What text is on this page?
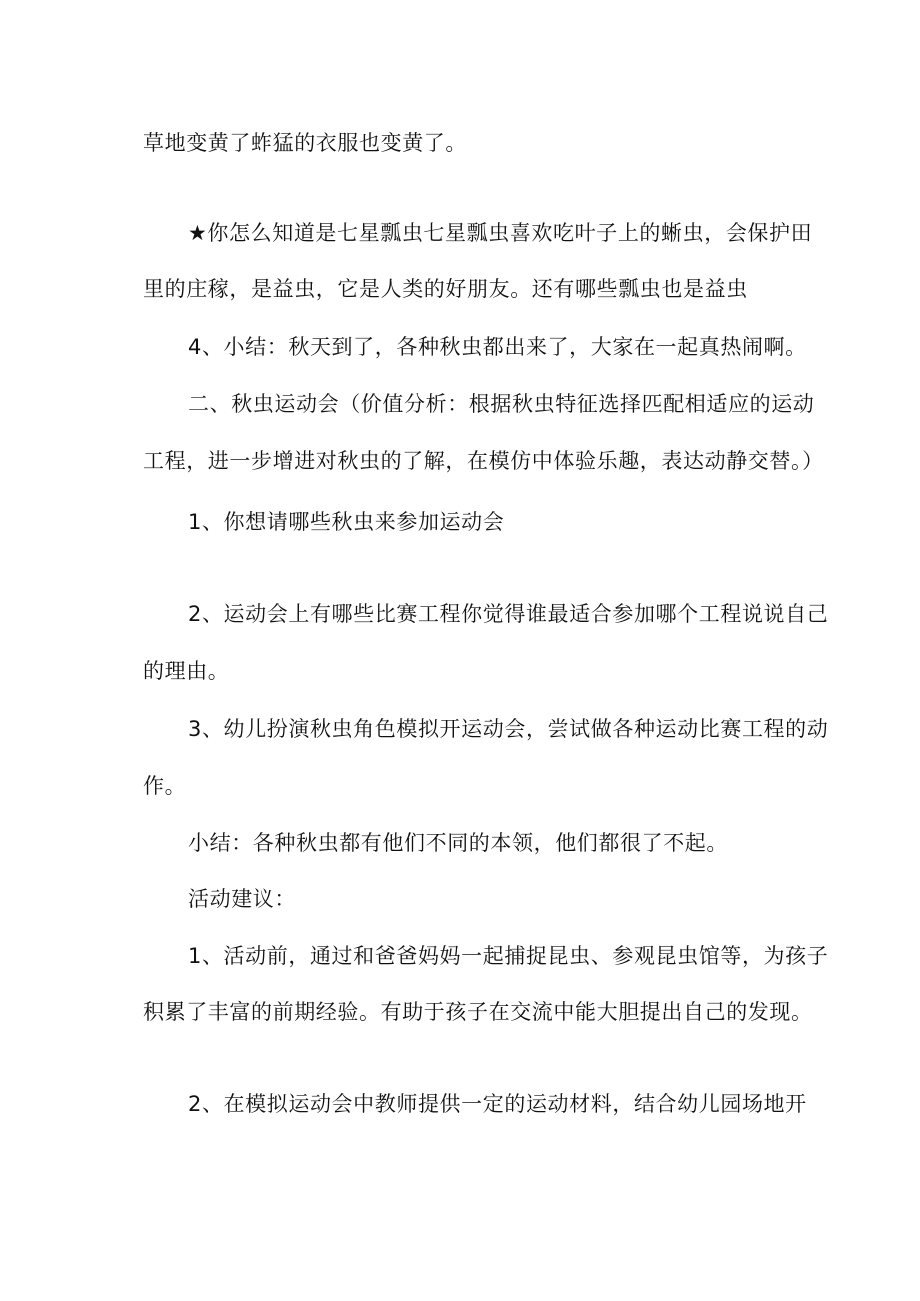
草地变黄了蚱猛的衣服也变黄了。
★你怎么知道是七星瓢虫七星瓢虫喜欢吃叶子上的蜥虫，会保护田
里的庄稼，是益虫，它是人类的好朋友。还有哪些瓢虫也是益虫
4、小结：秋天到了，各种秋虫都出来了，大家在一起真热闹啊。
二、秋虫运动会（价值分析：根据秋虫特征选择匹配相适应的运动
工程，进一步增进对秋虫的了解，在模仿中体验乐趣，表达动静交替。）
1、你想请哪些秋虫来参加运动会
2、运动会上有哪些比赛工程你觉得谁最适合参加哪个工程说说自己
的理由。
3、幼儿扮演秋虫角色模拟开运动会，尝试做各种运动比赛工程的动
作。
小结：各种秋虫都有他们不同的本领，他们都很了不起。
活动建议：
1、活动前，通过和爸爸妈妈一起捕捉昆虫、参观昆虫馆等，为孩子
积累了丰富的前期经验。有助于孩子在交流中能大胆提出自己的发现。
2、在模拟运动会中教师提供一定的运动材料，结合幼儿园场地开
